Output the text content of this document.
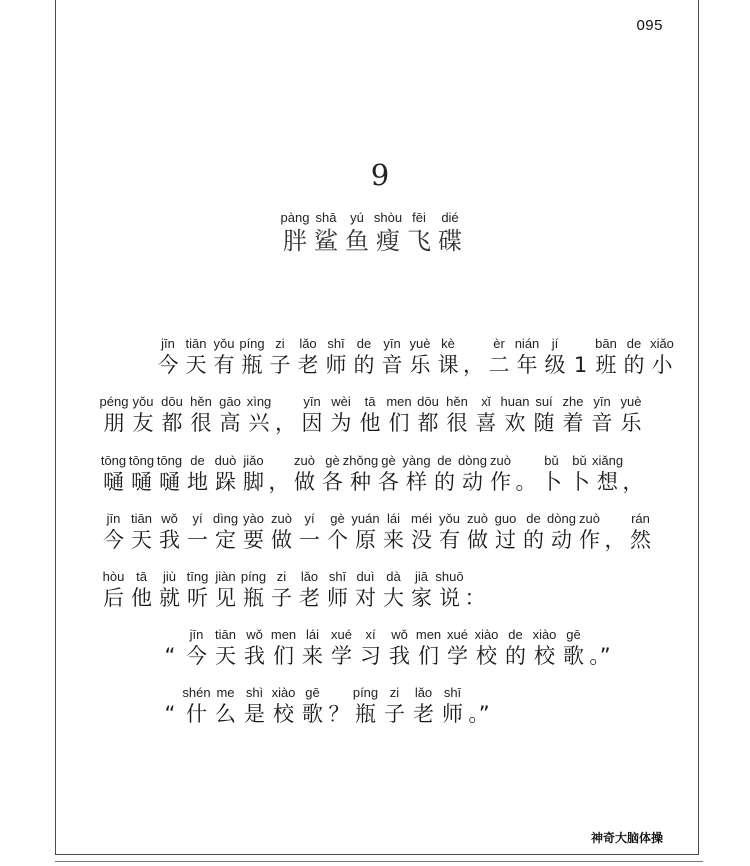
095
9
pàng
胖
shā
鲨
yú
鱼
shòu
瘦
fēi
飞
dié
碟
jīn
今
tiān
天
yǒu
有
píng
瓶
zi
子
lǎo
老
shī
师
de
的
yīn
音
yuè
乐
kè
课 ，
èr
二
nián
年
jí
级 1
bān
班
de
的
xiǎo
小
péng
朋
yǒu
友
dōu
都
hěn
很
gāo
高
xìng
兴 ，
yīn
因
wèi
为
tā
他
men
们
dōu
都
hěn
很
xǐ
喜
huan
欢
suí
随
zhe
着
yīn
音
yuè
乐
tōng
嗵
tōng
嗵
tōng
嗵
de
地
duò
跺
jiǎo
脚 ，
zuò
做
gè
各
zhǒng
种
gè
各
yàng
样
de
的
dòng
动
zuò
作 。
bǔ
卜
bǔ
卜
xiǎng
想 ，
jīn
今
tiān
天
wǒ
我
yí
一
dìng
定
yào
要
zuò
做
yí
一
gè
个
yuán
原
lái
来
méi
没
yǒu
有
zuò
做
guo
过
de
的
dòng
动
zuò
作 ，
rán
然
hòu
后
tā
他
jiù
就
tīng
听
jiàn
见
píng
瓶
zi
子
lǎo
老
shī
师
duì
对
dà
大
jiā
家
shuō
说 ：
“
jīn
今
tiān
天
wǒ
我
men
们
lái
来
xué
学
xí
习
wǒ
我
men
们
xué
学
xiào
校
de
的
xiào
校
gē
歌 。”
“
shén
什
me
么
shì
是
xiào
校
gē
歌 ？
píng
瓶
zi
子
lǎo
老
shī
师 。”
神奇大脑体操
